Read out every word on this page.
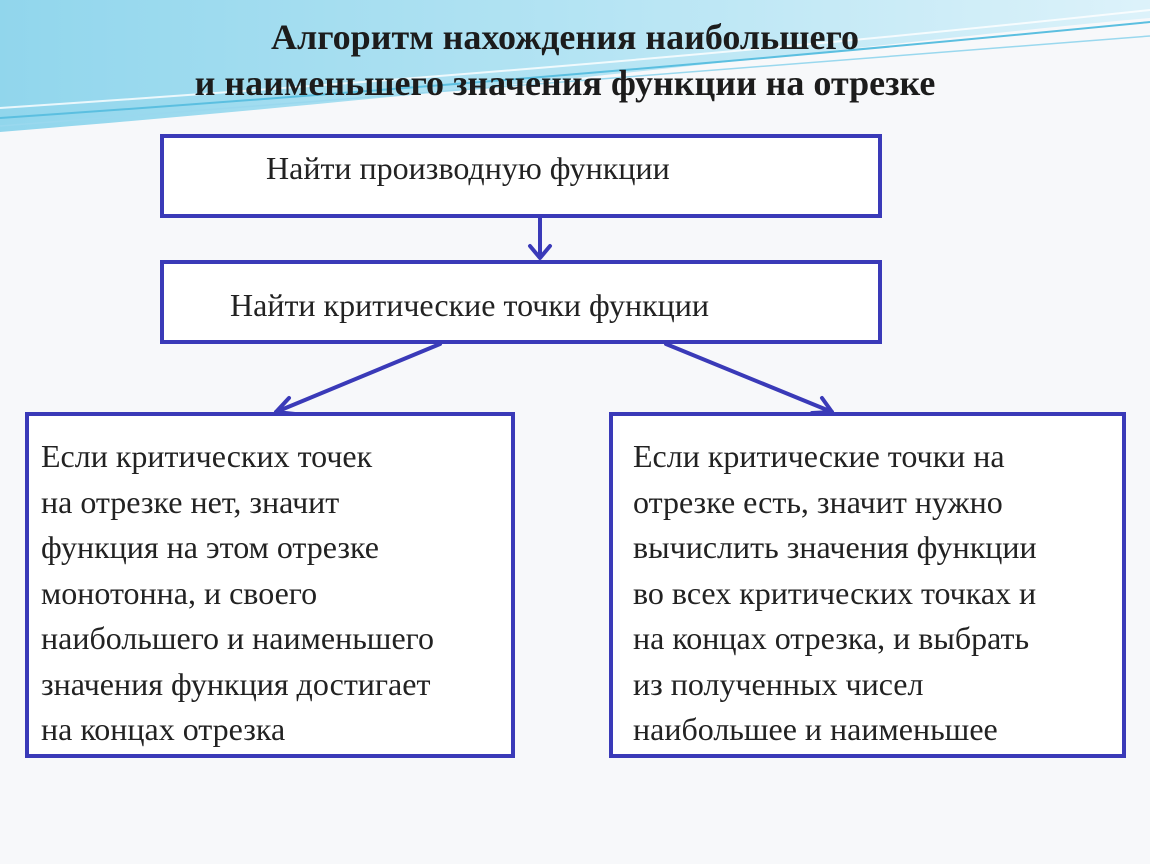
Алгоритм нахождения наибольшего
и наименьшего значения функции на отрезке
Найти производную функции
Найти критические точки функции
Если критических точек
на отрезке нет, значит
функция на этом отрезке
монотонна, и своего
наибольшего и наименьшего
значения функция достигает
на концах отрезка
Если критические точки на
отрезке есть, значит нужно
вычислить значения функции
во всех критических точках и
на концах отрезка, и выбрать
из полученных чисел
наибольшее и наименьшее
